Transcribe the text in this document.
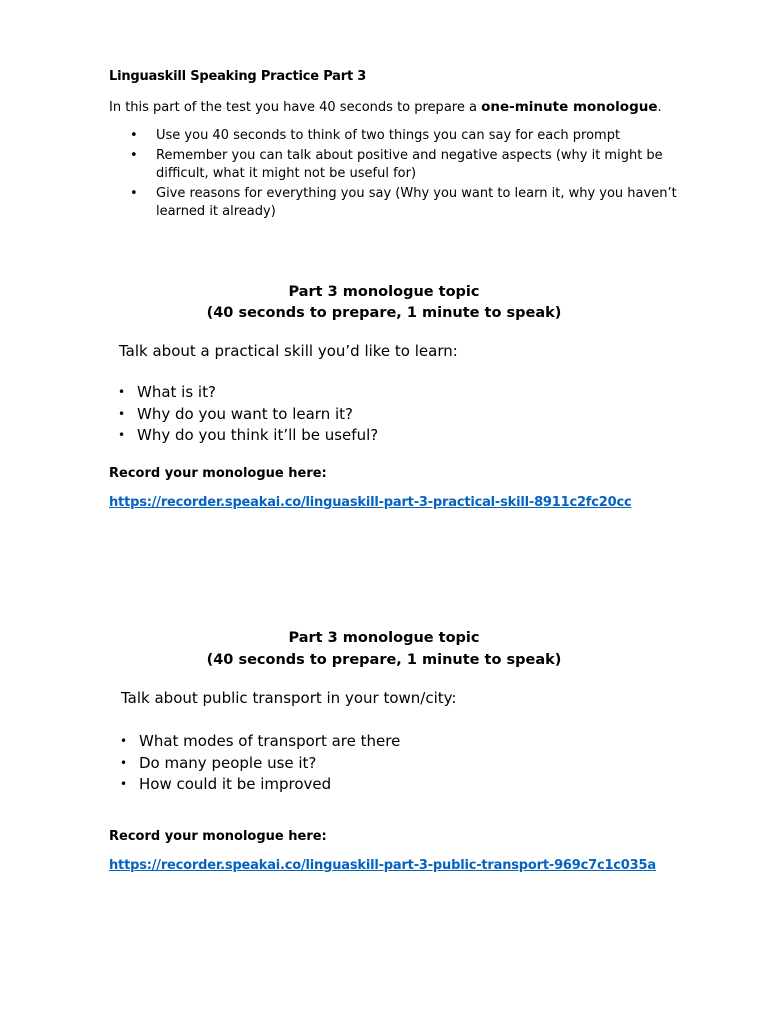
Linguaskill Speaking Practice Part 3
In this part of the test you have 40 seconds to prepare a one-minute monologue.
• Use you 40 seconds to think of two things you can say for each prompt
• Remember you can talk about positive and negative aspects (why it might be difficult, what it might not be useful for)
• Give reasons for everything you say (Why you want to learn it, why you haven’t learned it already)
Part 3 monologue topic
(40 seconds to prepare, 1 minute to speak)
Talk about a practical skill you’d like to learn:
• What is it?
• Why do you want to learn it?
• Why do you think it’ll be useful?
Record your monologue here:
https://recorder.speakai.co/linguaskill-part-3-practical-skill-8911c2fc20cc
Part 3 monologue topic
(40 seconds to prepare, 1 minute to speak)
Talk about public transport in your town/city:
• What modes of transport are there
• Do many people use it?
• How could it be improved
Record your monologue here:
https://recorder.speakai.co/linguaskill-part-3-public-transport-969c7c1c035a
